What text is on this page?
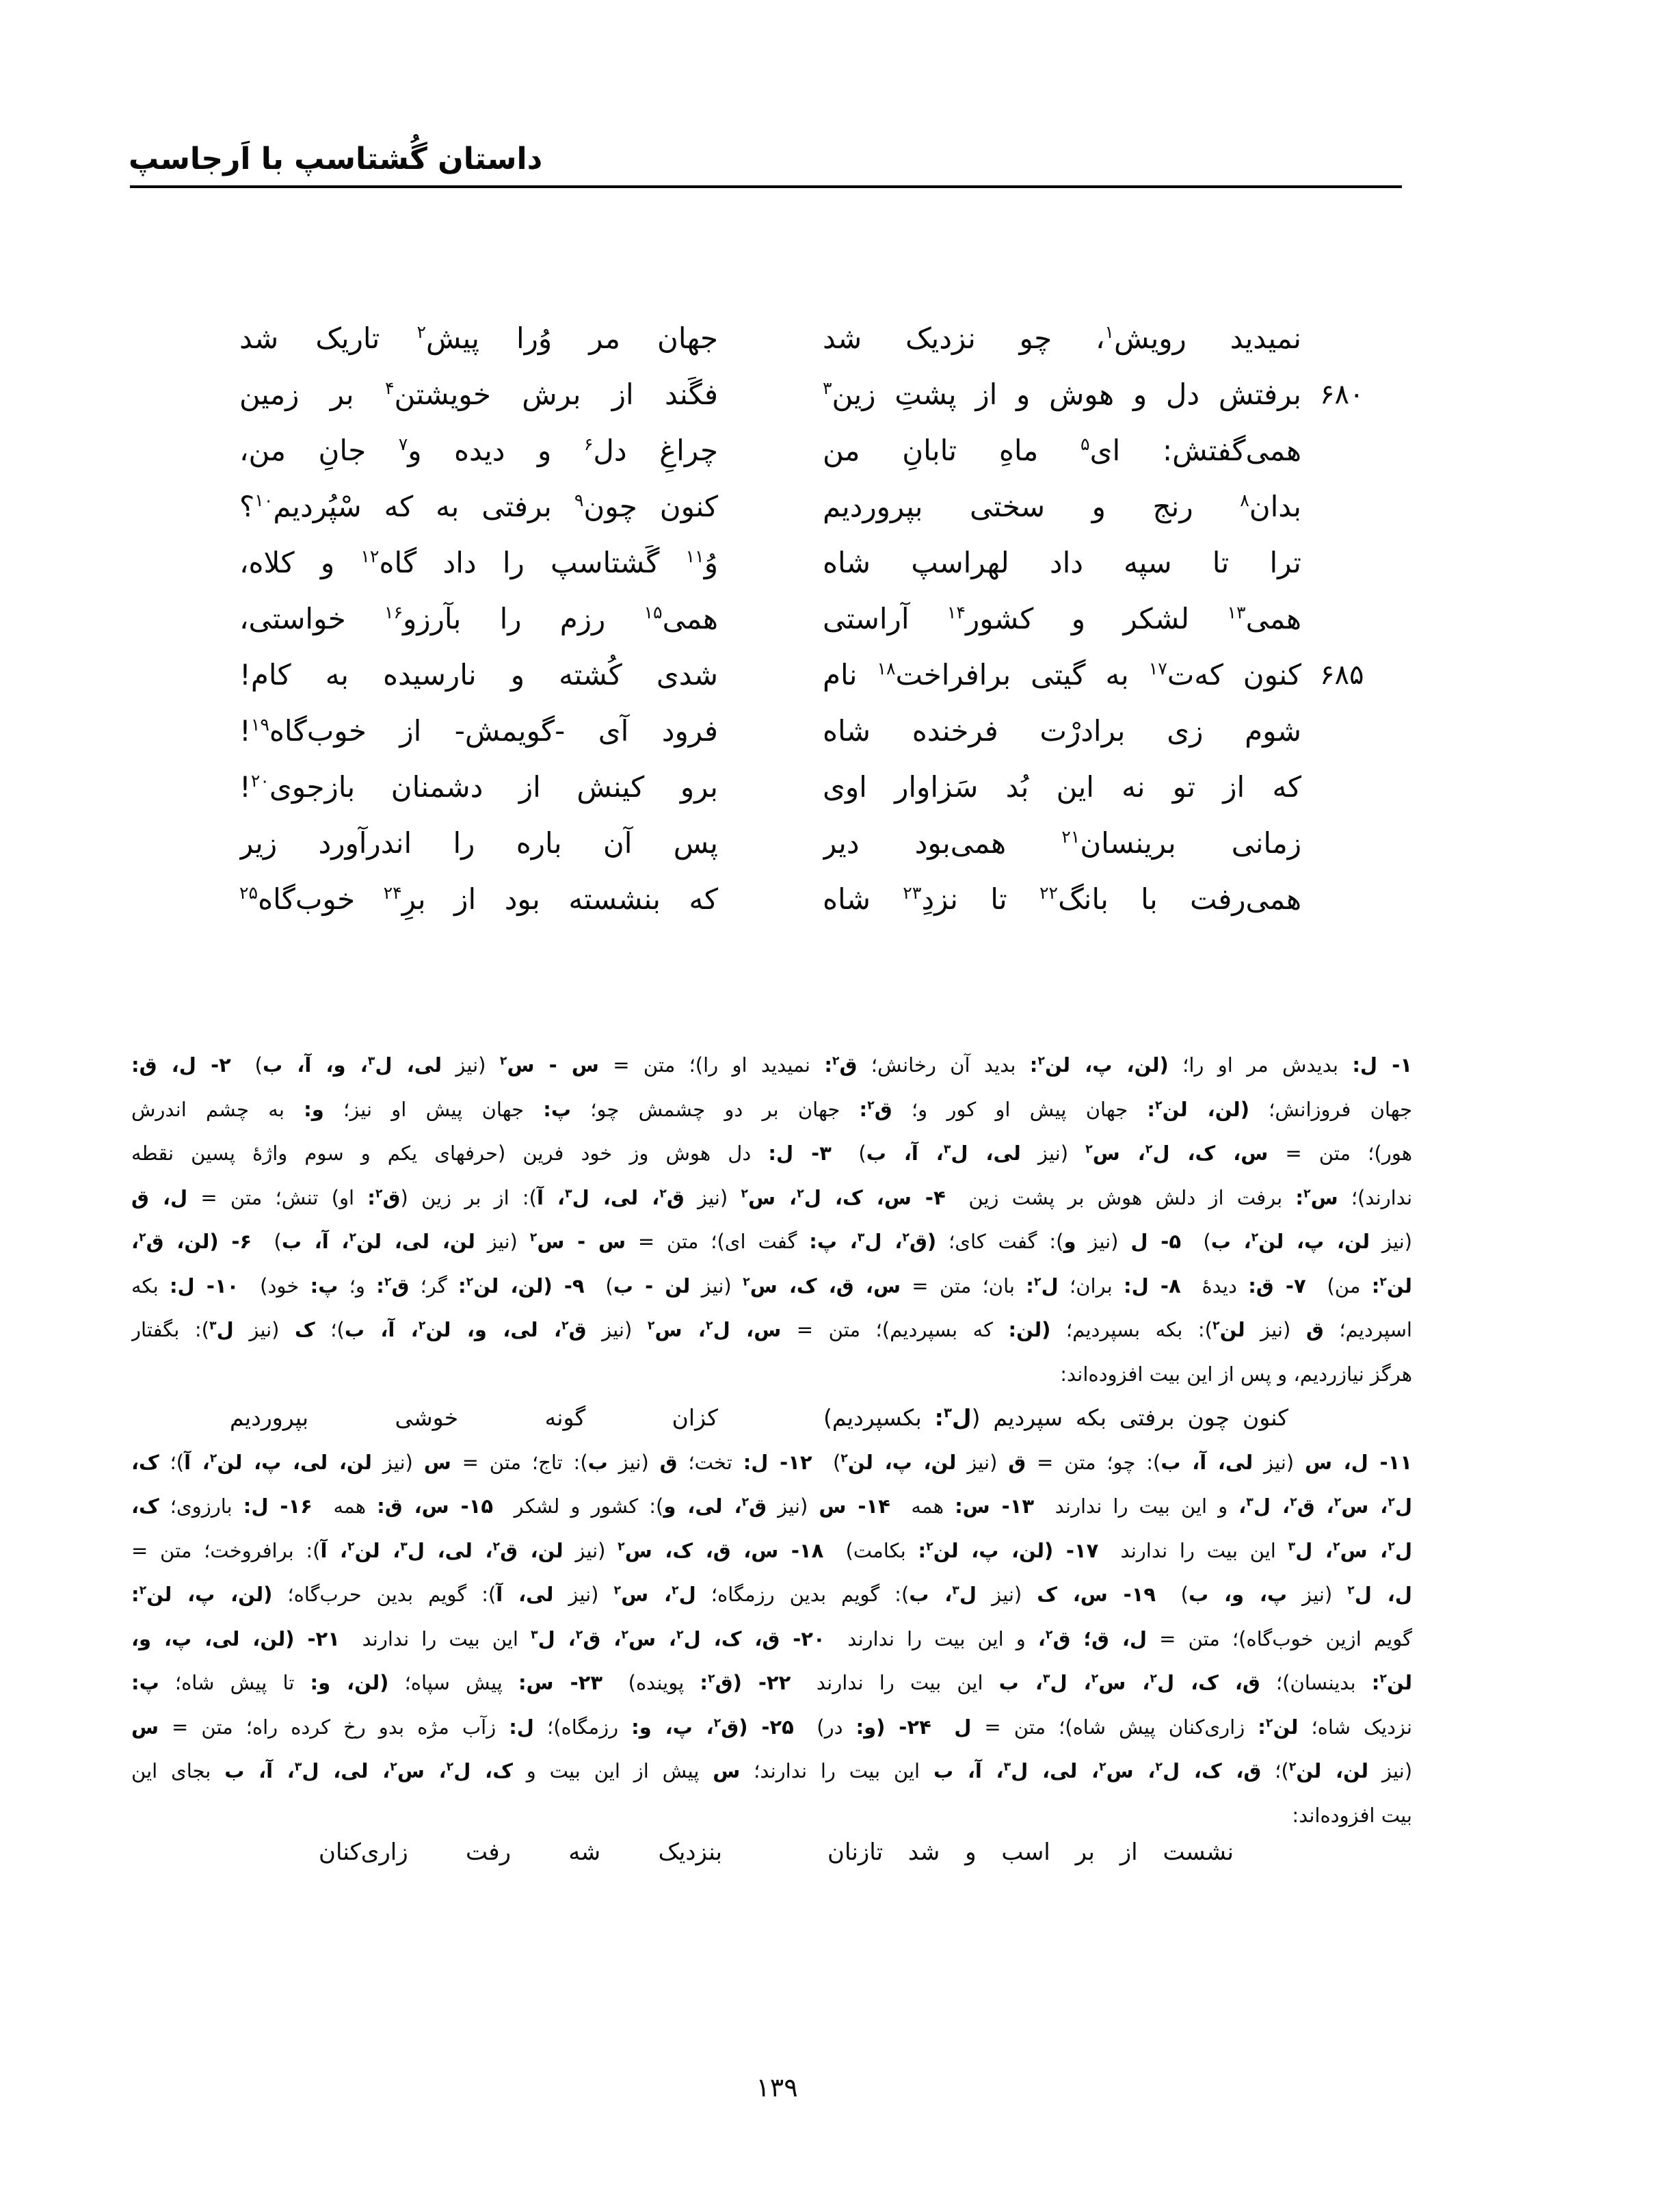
داستان گُشتاسپ با اَرجاسپ
نمیدید رویش$^۱$، چو نزدیک شد
جهان مر وُرا پیش$^۲$ تاریک شد
۶۸۰
برفتش دل و هوش و از پشتِ زین$^۳$
فگَند از برش خویشتن$^۴$ بر زمین
همی‌گفتش: ای$^۵$ ماهِ تابانِ من
چراغِ دل$^۶$ و دیده و$^۷$ جانِ من،
بدان$^۸$ رنج و سختی بپروردیم
کنون چون$^۹$ برفتی به که سْپُردیم$^{۱۰}$؟
ترا تا سپه داد لهراسپ شاه
وُ$^{۱۱}$ گَشتاسپ را داد گاه$^{۱۲}$ و کلاه،
همی$^{۱۳}$ لشکر و کشور$^{۱۴}$ آراستی
همی$^{۱۵}$ رزم را بآرزو$^{۱۶}$ خواستی،
۶۸۵
کنون که‌ت$^{۱۷}$ به گیتی برافراخت$^{۱۸}$ نام
شدی کُشته و نارسیده به کام!
شوم زی برادرْت فرخنده شاه
فرود آی -گویمش- از خوب‌گاه$^{۱۹}$!
که از تو نه این بُد سَزاوار اوی
برو کینش از دشمنان بازجوی$^{۲۰}$!
زمانی برینسان$^{۲۱}$ همی‌بود دیر
پس آن باره را اندرآورد زیر
همی‌رفت با بانگ$^{۲۲}$ تا نزدِ$^{۲۳}$ شاه
که بنشسته بود از برِ$^{۲۴}$ خوب‌گاه$^{۲۵}$
۱- ل: بدیدش مر او را؛ (لن، پ، لن$^۲$: بدید آن رخانش؛ ق$^۲$: نمیدید او را)؛ متن = س - س$^۲$ (نیز لی، ل$^۳$، و، آ، ب)  ۲- ل، ق:
جهان فروزانش؛ (لن، لن$^۲$: جهان پیش او کور و؛ ق$^۲$: جهان بر دو چشمش چو؛ پ: جهان پیش او نیز؛ و: به چشم اندرش
هور)؛ متن = س، ک، ل$^۲$، س$^۲$ (نیز لی، ل$^۳$، آ، ب)  ۳- ل: دل هوش وز خود فرین (حرفهای یکم و سوم واژهٔ پسین نقطه
ندارند)؛ س$^۲$: برفت از دلش هوش بر پشت زین  ۴- س، ک، ل$^۲$، س$^۲$ (نیز ق$^۲$، لی، ل$^۳$، آ): از بر زین (ق$^۲$: او) تنش؛ متن = ل، ق
(نیز لن، پ، لن$^۲$، ب)  ۵- ل (نیز و): گفت کای؛ (ق$^۲$، ل$^۳$، پ: گفت ای)؛ متن = س - س$^۲$ (نیز لن، لی، لن$^۲$، آ، ب)  ۶- (لن، ق$^۲$،
لن$^۲$: من)  ۷- ق: دیدهٔ  ۸- ل: بران؛ ل$^۲$: بان؛ متن = س، ق، ک، س$^۲$ (نیز لن - ب)  ۹- (لن، لن$^۲$: گر؛ ق$^۲$: و؛ پ: خود)  ۱۰- ل: بکه
اسپردیم؛ ق (نیز لن$^۲$): بکه بسپردیم؛ (لن: که بسپردیم)؛ متن = س، ل$^۲$، س$^۲$ (نیز ق$^۲$، لی، و، لن$^۲$، آ، ب)؛ ک (نیز ل$^۳$): بگفتار
هرگز نیازردیم، و پس از این بیت افزوده‌اند:
کنون چون برفتی بکه سپردیم (ل$^۳$: بکسپردیم)
کزان گونه خوشی بپروردیم
۱۱- ل، س (نیز لی، آ، ب): چو؛ متن = ق (نیز لن، پ، لن$^۲$)  ۱۲- ل: تخت؛ ق (نیز ب): تاج؛ متن = س (نیز لن، لی، پ، لن$^۲$، آ)؛ ک،
ل$^۲$، س$^۲$، ق$^۲$، ل$^۳$، و این بیت را ندارند  ۱۳- س: همه  ۱۴- س (نیز ق$^۲$، لی، و): کشور و لشکر  ۱۵- س، ق: همه  ۱۶- ل: بارزوی؛ ک،
ل$^۲$، س$^۲$، ل$^۳$ این بیت را ندارند  ۱۷- (لن، پ، لن$^۲$: بکامت)  ۱۸- س، ق، ک، س$^۲$ (نیز لن، ق$^۲$، لی، ل$^۳$، لن$^۲$، آ): برافروخت؛ متن =
ل، ل$^۲$ (نیز پ، و، ب)  ۱۹- س، ک (نیز ل$^۳$، ب): گویم بدین رزمگاه؛ ل$^۲$، س$^۲$ (نیز لی، آ): گویم بدین حرب‌گاه؛ (لن، پ، لن$^۲$:
گویم ازین خوب‌گاه)؛ متن = ل، ق؛ ق$^۲$، و این بیت را ندارند  ۲۰- ق، ک، ل$^۲$، س$^۲$، ق$^۲$، ل$^۳$ این بیت را ندارند  ۲۱- (لن، لی، پ، و،
لن$^۲$: بدینسان)؛ ق، ک، ل$^۲$، س$^۲$، ل$^۳$، ب این بیت را ندارند  ۲۲- (ق$^۲$: پوینده)  ۲۳- س: پیش سپاه؛ (لن، و: تا پیش شاه؛ پ:
نزدیک شاه؛ لن$^۲$: زاری‌کنان پیش شاه)؛ متن = ل  ۲۴- (و: در)  ۲۵- (ق$^۲$، پ، و: رزمگاه)؛ ل: زآب مژه بدو رخ کرده راه؛ متن = س
(نیز لن، لن$^۲$)؛ ق، ک، ل$^۲$، س$^۲$، لی، ل$^۳$، آ، ب این بیت را ندارند؛ س پیش از این بیت و ک، ل$^۲$، س$^۲$، لی، ل$^۳$، آ، ب بجای این
بیت افزوده‌اند:
نشست از بر اسب و شد تازنان
بنزدیک شه رفت زاری‌کنان
۱۳۹
